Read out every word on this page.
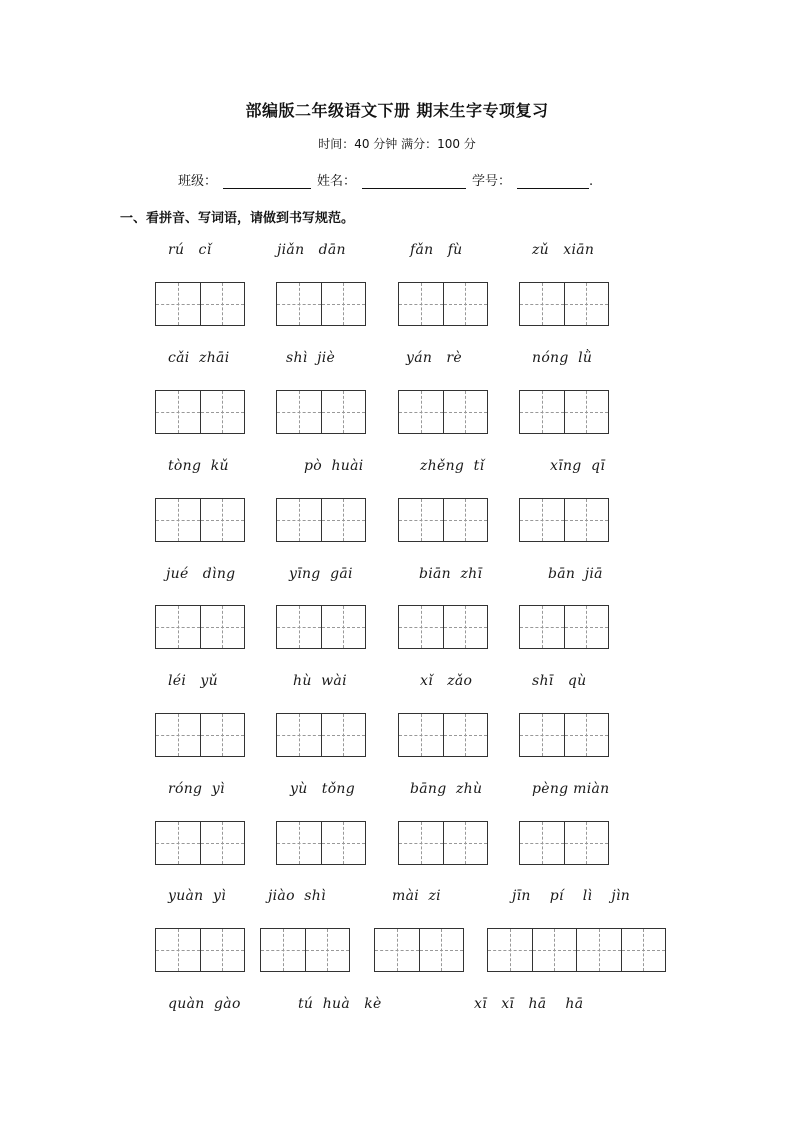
部编版二年级语文下册 期末生字专项复习
时间：40 分钟 满分：100 分
班级：	姓名：	学号：	.
一、看拼音、写词语，请做到书写规范。
rú   cǐ	jiǎn   dān	fǎn   fù	zǔ   xiān
cǎi  zhāi	shì  jiè	yán   rè	nóng  lǜ
tòng  kǔ	pò  huài	zhěng  tǐ	xīng  qī
jué   dìng	yīng  gāi	biān  zhī	bān  jiā
léi   yǔ	hù  wài	xǐ   zǎo	shī   qù
róng  yì	yù   tǒng	bāng  zhù	pèng miàn
yuàn  yì	jiào  shì	mài  zi	jīn    pí    lì    jìn
quàn  gào	tú  huà   kè	xī   xī   hā    hā
